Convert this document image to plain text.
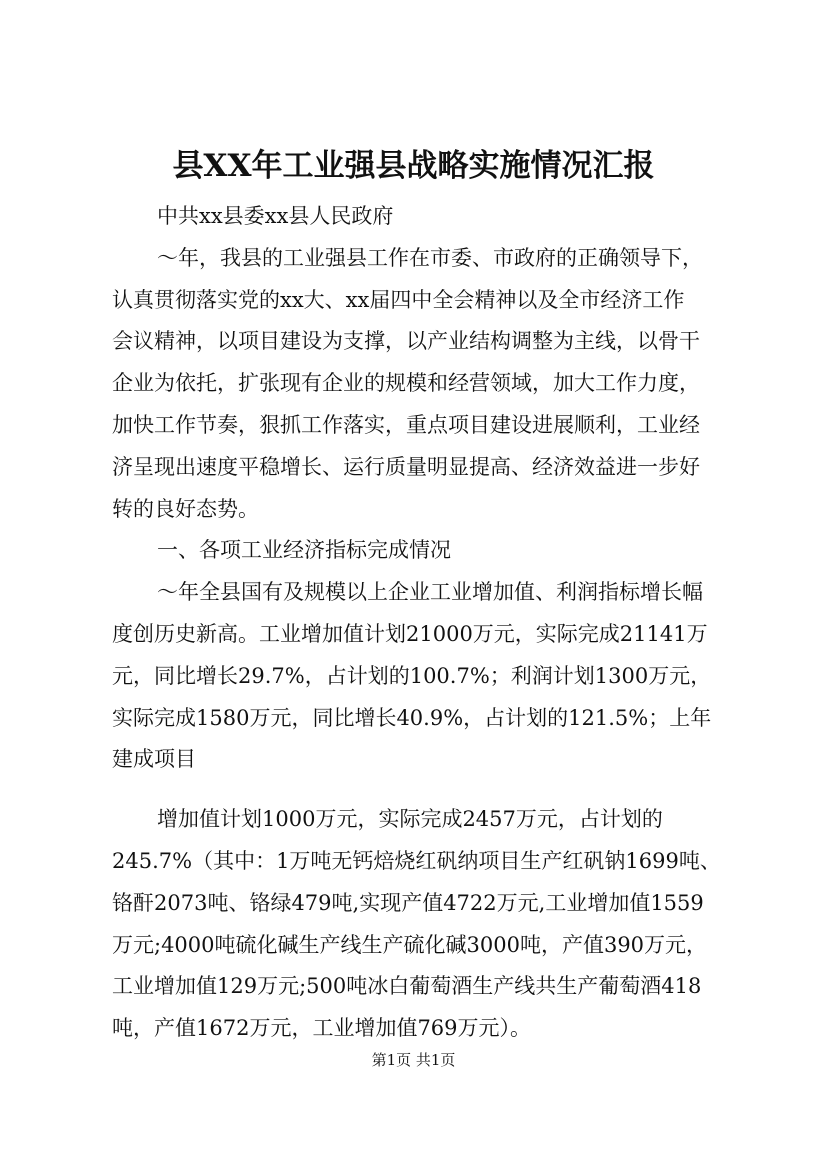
县XX年工业强县战略实施情况汇报
中共xx县委xx县人民政府
～年，我县的工业强县工作在市委、市政府的正确领导下，
认真贯彻落实党的xx大、xx届四中全会精神以及全市经济工作
会议精神，以项目建设为支撑，以产业结构调整为主线，以骨干
企业为依托，扩张现有企业的规模和经营领域，加大工作力度，
加快工作节奏，狠抓工作落实，重点项目建设进展顺利，工业经
济呈现出速度平稳增长、运行质量明显提高、经济效益进一步好
转的良好态势。
一、各项工业经济指标完成情况
～年全县国有及规模以上企业工业增加值、利润指标增长幅
度创历史新高。工业增加值计划21000万元，实际完成21141万
元，同比增长29.7%，占计划的100.7%；利润计划1300万元，
实际完成1580万元，同比增长40.9%，占计划的121.5%；上年
建成项目
增加值计划1000万元，实际完成2457万元，占计划的
245.7%（其中：1万吨无钙焙烧红矾纳项目生产红矾钠1699吨、
铬酐2073吨、铬绿479吨,实现产值4722万元,工业增加值1559
万元;4000吨硫化碱生产线生产硫化碱3000吨，产值390万元，
工业增加值129万元;500吨冰白葡萄酒生产线共生产葡萄酒418
吨，产值1672万元，工业增加值769万元）。
第1页 共1页
